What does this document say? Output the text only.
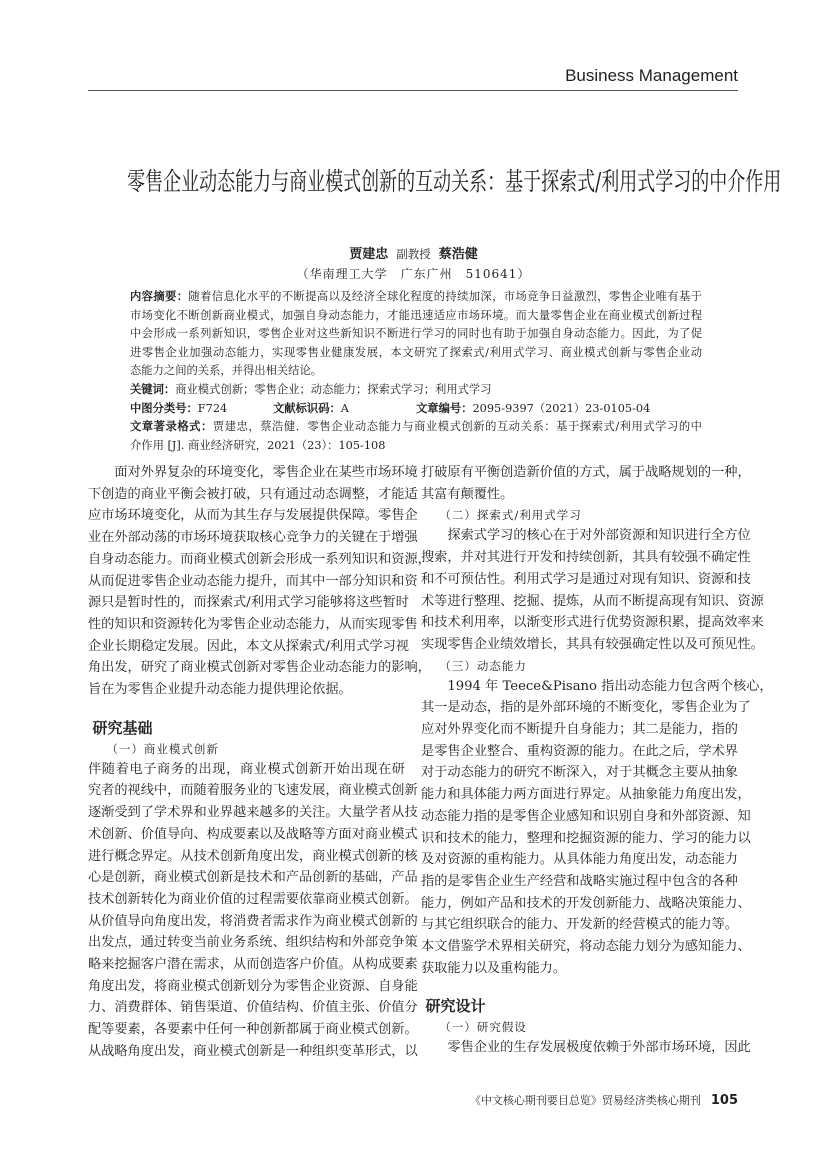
Business Management
零售企业动态能力与商业模式创新的互动关系：基于探索式/利用式学习的中介作用
贾建忠 副教授 蔡浩健
（华南理工大学　广东广州　510641）
内容摘要：随着信息化水平的不断提高以及经济全球化程度的持续加深，市场竞争日益激烈，零售企业唯有基于
市场变化不断创新商业模式，加强自身动态能力，才能迅速适应市场环境。而大量零售企业在商业模式创新过程
中会形成一系列新知识，零售企业对这些新知识不断进行学习的同时也有助于加强自身动态能力。因此，为了促
进零售企业加强动态能力，实现零售业健康发展，本文研究了探索式/利用式学习、商业模式创新与零售企业动
态能力之间的关系，并得出相关结论。
关键词：商业模式创新；零售企业；动态能力；探索式学习；利用式学习
中图分类号：F724	文献标识码：A	文章编号：2095-9397（2021）23-0105-04
文章著录格式：贾建忠，蔡浩健．零售企业动态能力与商业模式创新的互动关系：基于探索式/利用式学习的中
介作用 [J]. 商业经济研究，2021（23）：105-108
面对外界复杂的环境变化，零售企业在某些市场环境
下创造的商业平衡会被打破，只有通过动态调整，才能适
应市场环境变化，从而为其生存与发展提供保障。零售企
业在外部动荡的市场环境获取核心竞争力的关键在于增强
自身动态能力。而商业模式创新会形成一系列知识和资源，
从而促进零售企业动态能力提升，而其中一部分知识和资
源只是暂时性的，而探索式/利用式学习能够将这些暂时
性的知识和资源转化为零售企业动态能力，从而实现零售
企业长期稳定发展。因此，本文从探索式/利用式学习视
角出发，研究了商业模式创新对零售企业动态能力的影响，
旨在为零售企业提升动态能力提供理论依据。
研究基础
（一）商业模式创新
伴随着电子商务的出现，商业模式创新开始出现在研
究者的视线中，而随着服务业的飞速发展，商业模式创新
逐渐受到了学术界和业界越来越多的关注。大量学者从技
术创新、价值导向、构成要素以及战略等方面对商业模式
进行概念界定。从技术创新角度出发，商业模式创新的核
心是创新，商业模式创新是技术和产品创新的基础，产品
技术创新转化为商业价值的过程需要依靠商业模式创新。
从价值导向角度出发，将消费者需求作为商业模式创新的
出发点，通过转变当前业务系统、组织结构和外部竞争策
略来挖掘客户潜在需求，从而创造客户价值。从构成要素
角度出发，将商业模式创新划分为零售企业资源、自身能
力、消费群体、销售渠道、价值结构、价值主张、价值分
配等要素，各要素中任何一种创新都属于商业模式创新。
从战略角度出发，商业模式创新是一种组织变革形式，以
打破原有平衡创造新价值的方式，属于战略规划的一种，
其富有颠覆性。
（二）探索式/利用式学习
探索式学习的核心在于对外部资源和知识进行全方位
搜索，并对其进行开发和持续创新，其具有较强不确定性
和不可预估性。利用式学习是通过对现有知识、资源和技
术等进行整理、挖掘、提炼，从而不断提高现有知识、资源
和技术利用率，以渐变形式进行优势资源积累，提高效率来
实现零售企业绩效增长，其具有较强确定性以及可预见性。
（三）动态能力
1994 年 Teece&Pisano 指出动态能力包含两个核心，
其一是动态，指的是外部环境的不断变化，零售企业为了
应对外界变化而不断提升自身能力；其二是能力，指的
是零售企业整合、重构资源的能力。在此之后，学术界
对于动态能力的研究不断深入，对于其概念主要从抽象
能力和具体能力两方面进行界定。从抽象能力角度出发，
动态能力指的是零售企业感知和识别自身和外部资源、知
识和技术的能力，整理和挖掘资源的能力、学习的能力以
及对资源的重构能力。从具体能力角度出发，动态能力
指的是零售企业生产经营和战略实施过程中包含的各种
能力，例如产品和技术的开发创新能力、战略决策能力、
与其它组织联合的能力、开发新的经营模式的能力等。
本文借鉴学术界相关研究，将动态能力划分为感知能力、
获取能力以及重构能力。
研究设计
（一）研究假设
零售企业的生存发展极度依赖于外部市场环境，因此
《中文核心期刊要目总览》贸易经济类核心期刊 105
